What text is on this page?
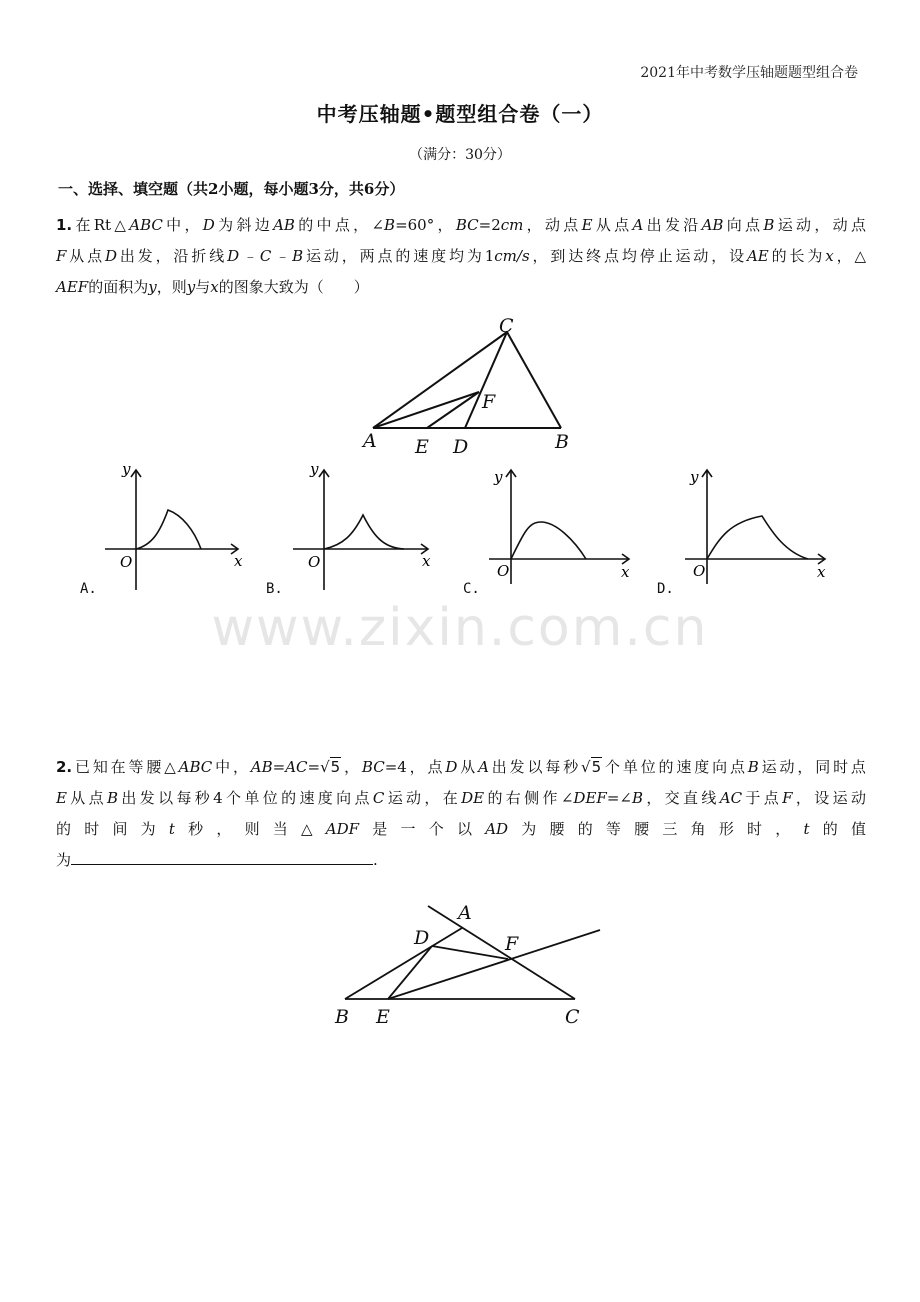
2021年中考数学压轴题题型组合卷
中考压轴题•题型组合卷（一）
（满分：30分）
一、选择、填空题（共2小题，每小题3分，共6分）
1.在Rt△ABC中，D为斜边AB的中点，∠B=60°，BC=2cm，动点E从点A出发沿AB向点B运动，动点
F从点D出发，沿折线D﹣C﹣B运动，两点的速度均为1cm/s，到达终点均停止运动，设AE的长为x，△
AEF的面积为y，则y与x的图象大致为（　　）
A E D	B
C
F
y
x
O
A.
y
x
O
B.
y
x
O
C.
y
x
O
D.
www.zixin.com.cn
2.已知在等腰△ABC中，AB=AC=√5，BC=4，点D从A出发以每秒√5个单位的速度向点B运动，同时点
E从点B出发以每秒4个单位的速度向点C运动，在DE的右侧作∠DEF=∠B，交直线AC于点F，设运动
的时间为t秒，则当△ADF是一个以AD为腰的等腰三角形时，t的值
为	.
A
D	F
B E	C
